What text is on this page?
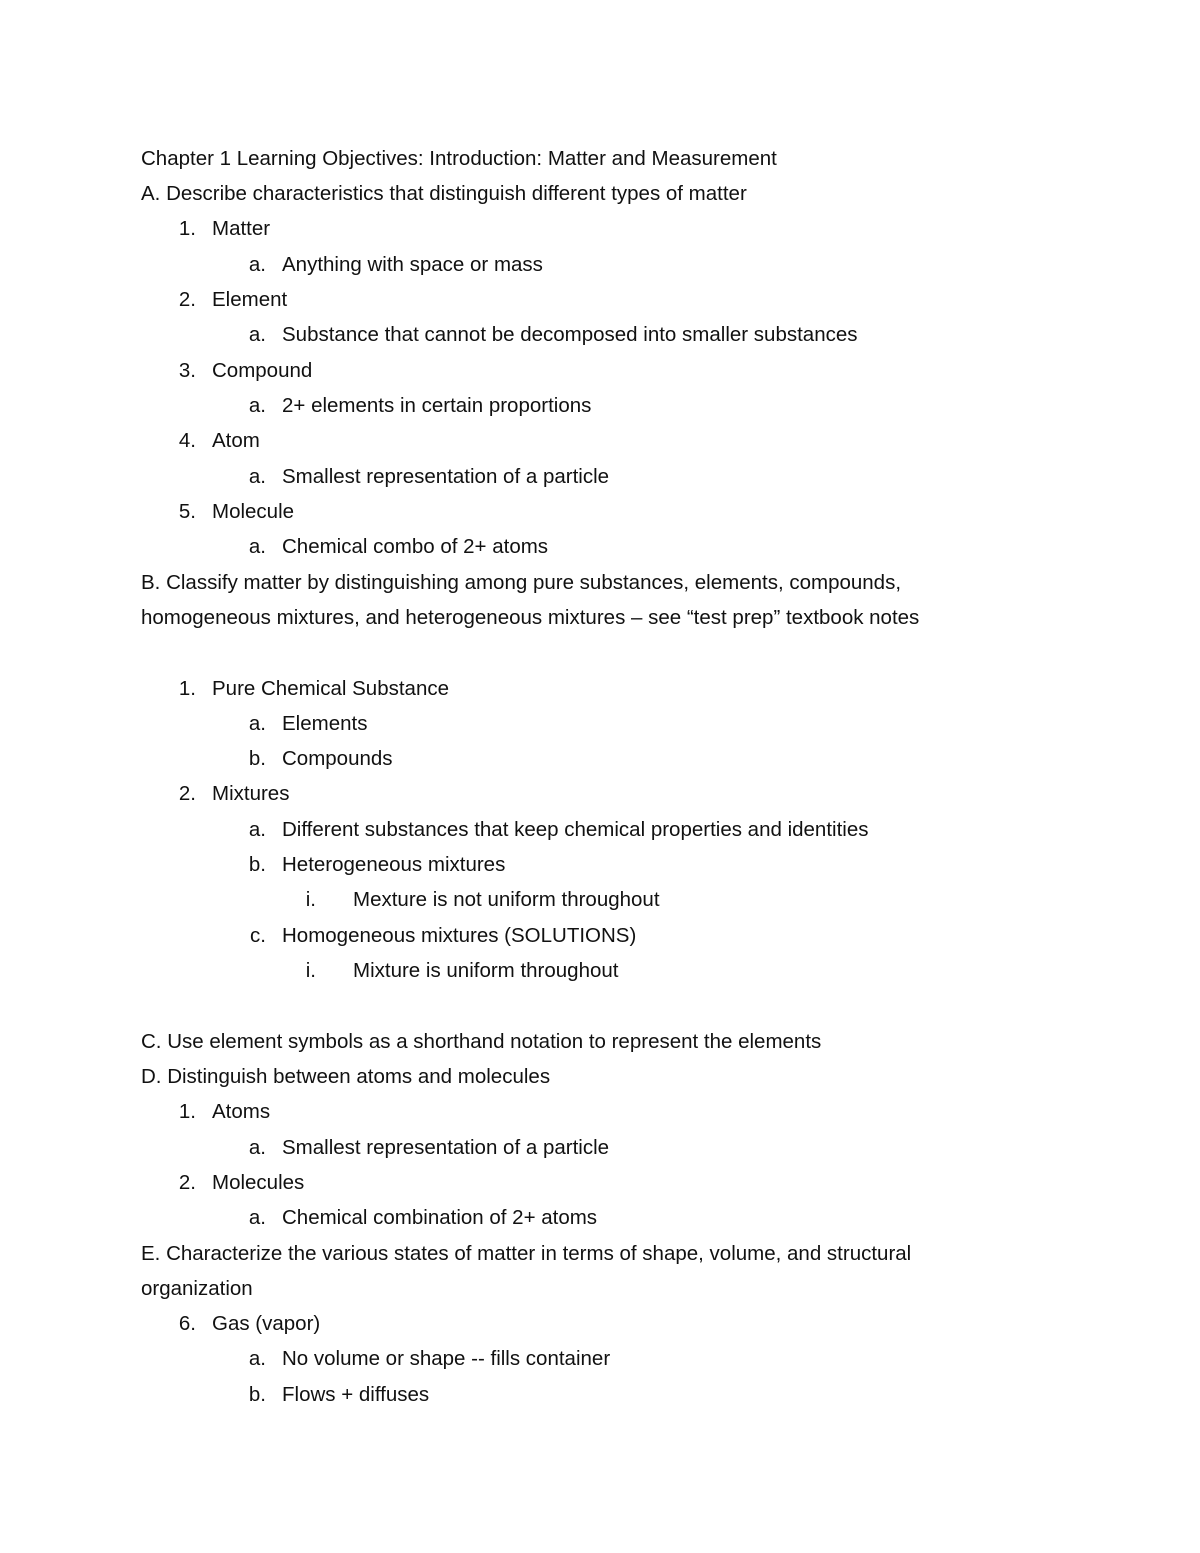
Chapter 1 Learning Objectives: Introduction: Matter and Measurement
A. Describe characteristics that distinguish different types of matter
1. Matter
a. Anything with space or mass
2. Element
a. Substance that cannot be decomposed into smaller substances
3. Compound
a. 2+ elements in certain proportions
4. Atom
a. Smallest representation of a particle
5. Molecule
a. Chemical combo of 2+ atoms
B. Classify matter by distinguishing among pure substances, elements, compounds,
homogeneous mixtures, and heterogeneous mixtures – see “test prep” textbook notes
1. Pure Chemical Substance
a. Elements
b. Compounds
2. Mixtures
a. Different substances that keep chemical properties and identities
b. Heterogeneous mixtures
i. Mexture is not uniform throughout
c. Homogeneous mixtures (SOLUTIONS)
i. Mixture is uniform throughout
C. Use element symbols as a shorthand notation to represent the elements
D. Distinguish between atoms and molecules
1. Atoms
a. Smallest representation of a particle
2. Molecules
a. Chemical combination of 2+ atoms
E. Characterize the various states of matter in terms of shape, volume, and structural
organization
6. Gas (vapor)
a. No volume or shape -- fills container
b. Flows + diffuses
